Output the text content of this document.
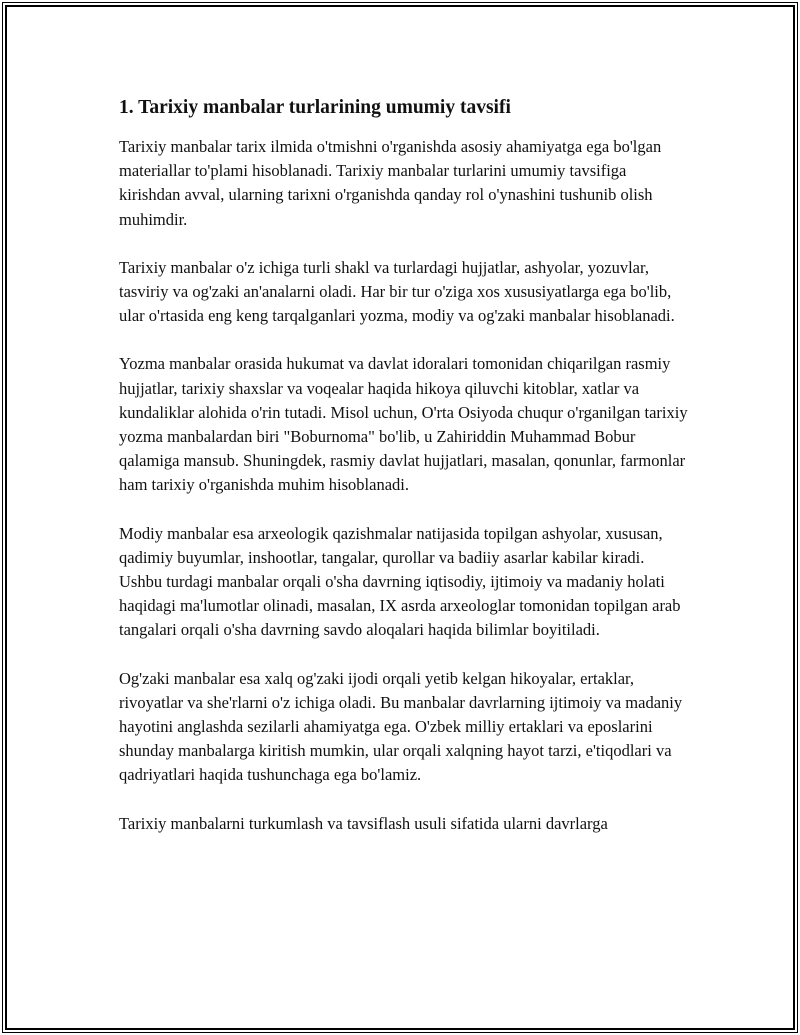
1. Tarixiy manbalar turlarining umumiy tavsifi

Tarixiy manbalar tarix ilmida o'tmishni o'rganishda asosiy ahamiyatga ega bo'lgan materiallar to'plami hisoblanadi. Tarixiy manbalar turlarini umumiy tavsifiga kirishdan avval, ularning tarixni o'rganishda qanday rol o'ynashini tushunib olish muhimdir.

Tarixiy manbalar o'z ichiga turli shakl va turlardagi hujjatlar, ashyolar, yozuvlar, tasviriy va og'zaki an'analarni oladi. Har bir tur o'ziga xos xususiyatlarga ega bo'lib, ular o'rtasida eng keng tarqalganlari yozma, modiy va og'zaki manbalar hisoblanadi.

Yozma manbalar orasida hukumat va davlat idoralari tomonidan chiqarilgan rasmiy hujjatlar, tarixiy shaxslar va voqealar haqida hikoya qiluvchi kitoblar, xatlar va kundaliklar alohida o'rin tutadi. Misol uchun, O'rta Osiyoda chuqur o'rganilgan tarixiy yozma manbalardan biri "Boburnoma" bo'lib, u Zahiriddin Muhammad Bobur qalamiga mansub. Shuningdek, rasmiy davlat hujjatlari, masalan, qonunlar, farmonlar ham tarixiy o'rganishda muhim hisoblanadi.

Modiy manbalar esa arxeologik qazishmalar natijasida topilgan ashyolar, xususan, qadimiy buyumlar, inshootlar, tangalar, qurollar va badiiy asarlar kabilar kiradi. Ushbu turdagi manbalar orqali o'sha davrning iqtisodiy, ijtimoiy va madaniy holati haqidagi ma'lumotlar olinadi, masalan, IX asrda arxeologlar tomonidan topilgan arab tangalari orqali o'sha davrning savdo aloqalari haqida bilimlar boyitiladi.

Og'zaki manbalar esa xalq og'zaki ijodi orqali yetib kelgan hikoyalar, ertaklar, rivoyatlar va she'rlarni o'z ichiga oladi. Bu manbalar davrlarning ijtimoiy va madaniy hayotini anglashda sezilarli ahamiyatga ega. O'zbek milliy ertaklari va eposlarini shunday manbalarga kiritish mumkin, ular orqali xalqning hayot tarzi, e'tiqodlari va qadriyatlari haqida tushunchaga ega bo'lamiz.

Tarixiy manbalarni turkumlash va tavsiflash usuli sifatida ularni davrlarga
